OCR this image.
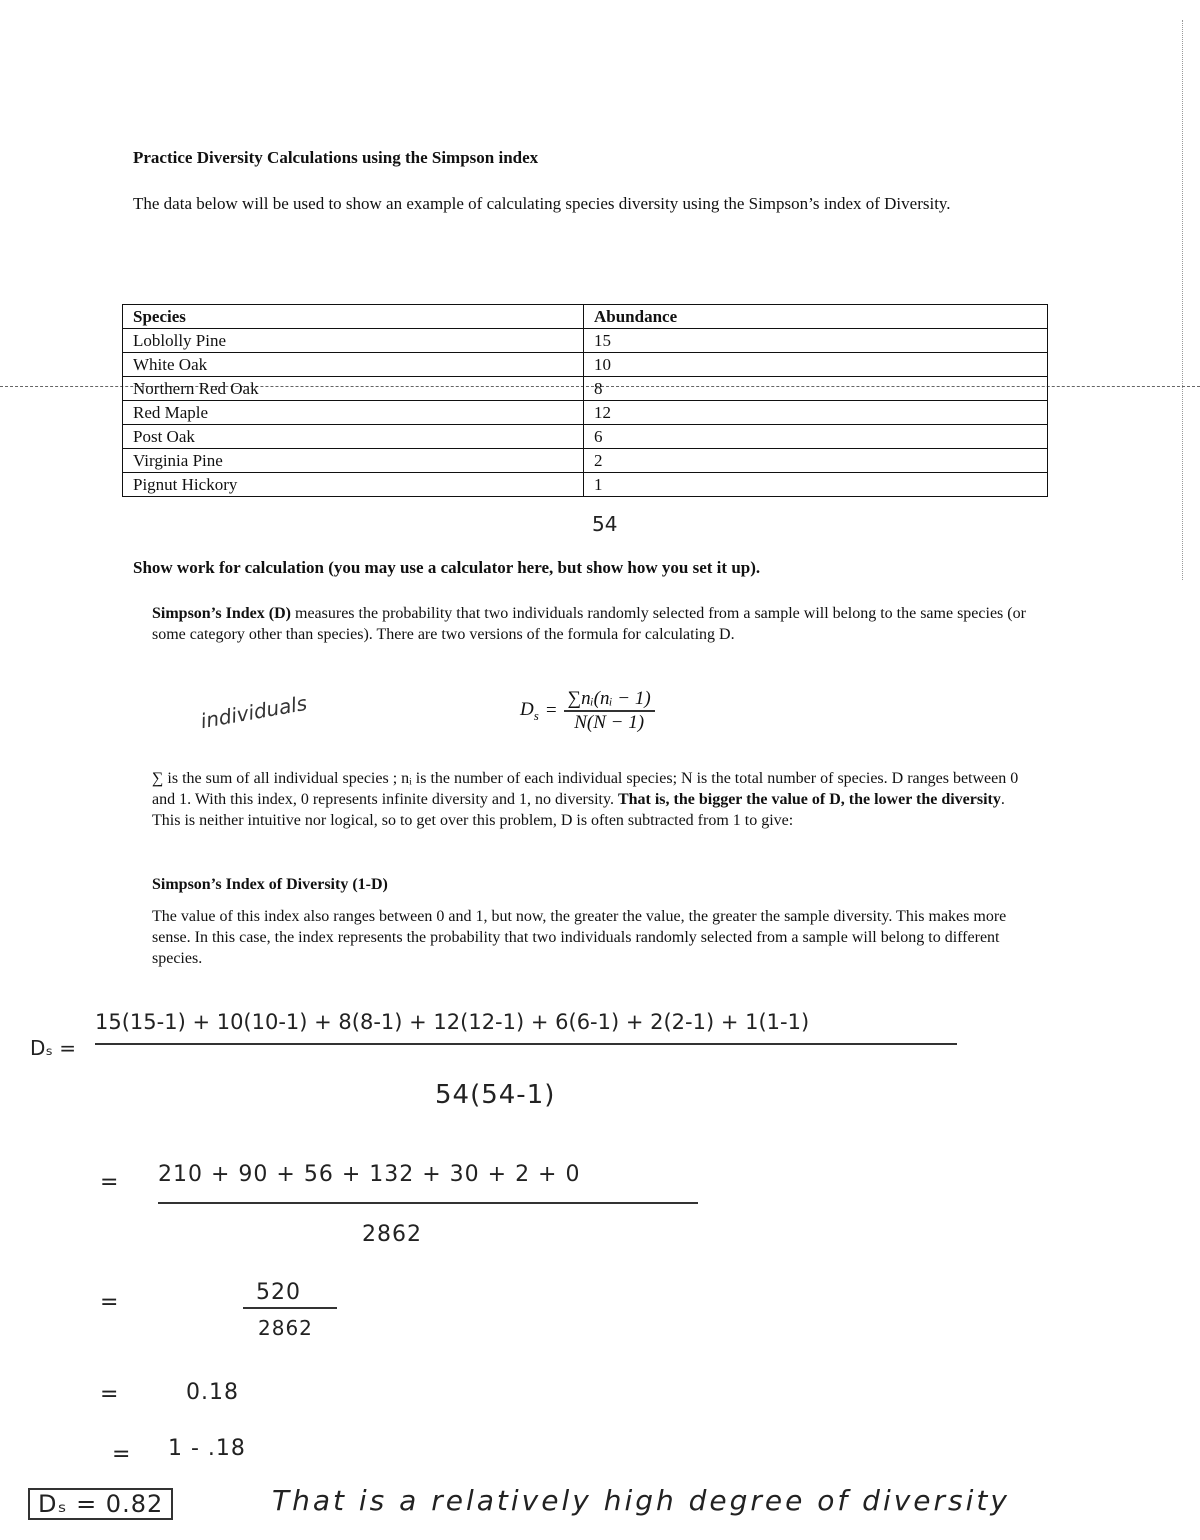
Practice Diversity Calculations using the Simpson index
The data below will be used to show an example of calculating species diversity using the Simpson’s index of Diversity.
Species	Abundance
Loblolly Pine	15
White Oak	10
Northern Red Oak	8
Red Maple	12
Post Oak	6
Virginia Pine	2
Pignut Hickory	1
54
Show work for calculation (you may use a calculator here, but show how you set it up).
Simpson’s Index (D) measures the probability that two individuals randomly selected from a sample will belong to the same species (or some category other than species). There are two versions of the formula for calculating D.
individuals	$D_s$ =
∑nᵢ(nᵢ − 1)
N(N − 1)
∑ is the sum of all individual species ; nᵢ is the number of each individual species; N is the total number of species. D ranges between 0 and 1. With this index, 0 represents infinite diversity and 1, no diversity. That is, the bigger the value of D, the lower the diversity. This is neither intuitive nor logical, so to get over this problem, D is often subtracted from 1 to give:
Simpson’s Index of Diversity (1-D)
The value of this index also ranges between 0 and 1, but now, the greater the value, the greater the sample diversity. This makes more sense. In this case, the index represents the probability that two individuals randomly selected from a sample will belong to different species.
Dₛ =
15(15-1) + 10(10-1) + 8(8-1) + 12(12-1) + 6(6-1) + 2(2-1) + 1(1-1)
54(54-1)
= 210 + 90 + 56 + 132 + 30 + 2 + 0
2862
=	520
2862
=	0.18
= 1 - .18
Dₛ = 0.82	That is a relatively high degree of diversity
